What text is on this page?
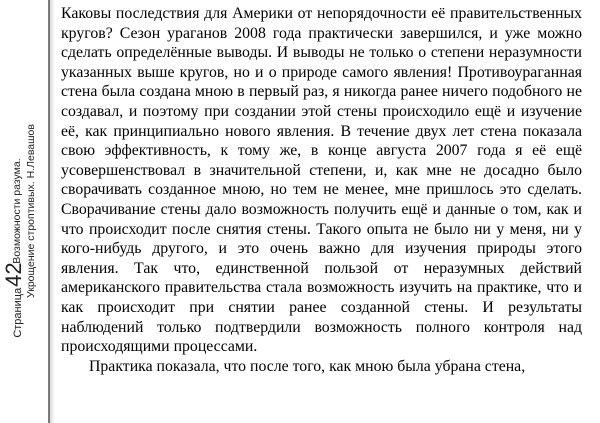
Возможности разума. Укрощение строптивых. Н.Левашов
Страница
42

Каковы последствия для Америки от непорядочности её правительственных кругов? Сезон ураганов 2008 года практически завершился, и уже можно сделать определённые выводы. И выводы не только о степени неразумности указанных выше кругов, но и о природе самого явления! Противоураганная стена была создана мною в первый раз, я никогда ранее ничего подобного не создавал, и поэтому при создании этой стены происходило ещё и изучение её, как принципиально нового явления. В течение двух лет стена показала свою эффективность, к тому же, в конце августа 2007 года я её ещё усовершенствовал в значительной степени, и, как мне не досадно было сворачивать созданное мною, но тем не менее, мне пришлось это сделать. Сворачивание стены дало возможность получить ещё и данные о том, как и что происходит после снятия стены. Такого опыта не было ни у меня, ни у кого-нибудь другого, и это очень важно для изучения природы этого явления. Так что, единственной пользой от неразумных действий американского правительства стала возможность изучить на практике, что и как происходит при снятии ранее созданной стены. И результаты наблюдений только подтвердили возможность полного контроля над происходящими процессами.

Практика показала, что после того, как мною была убрана стена,
